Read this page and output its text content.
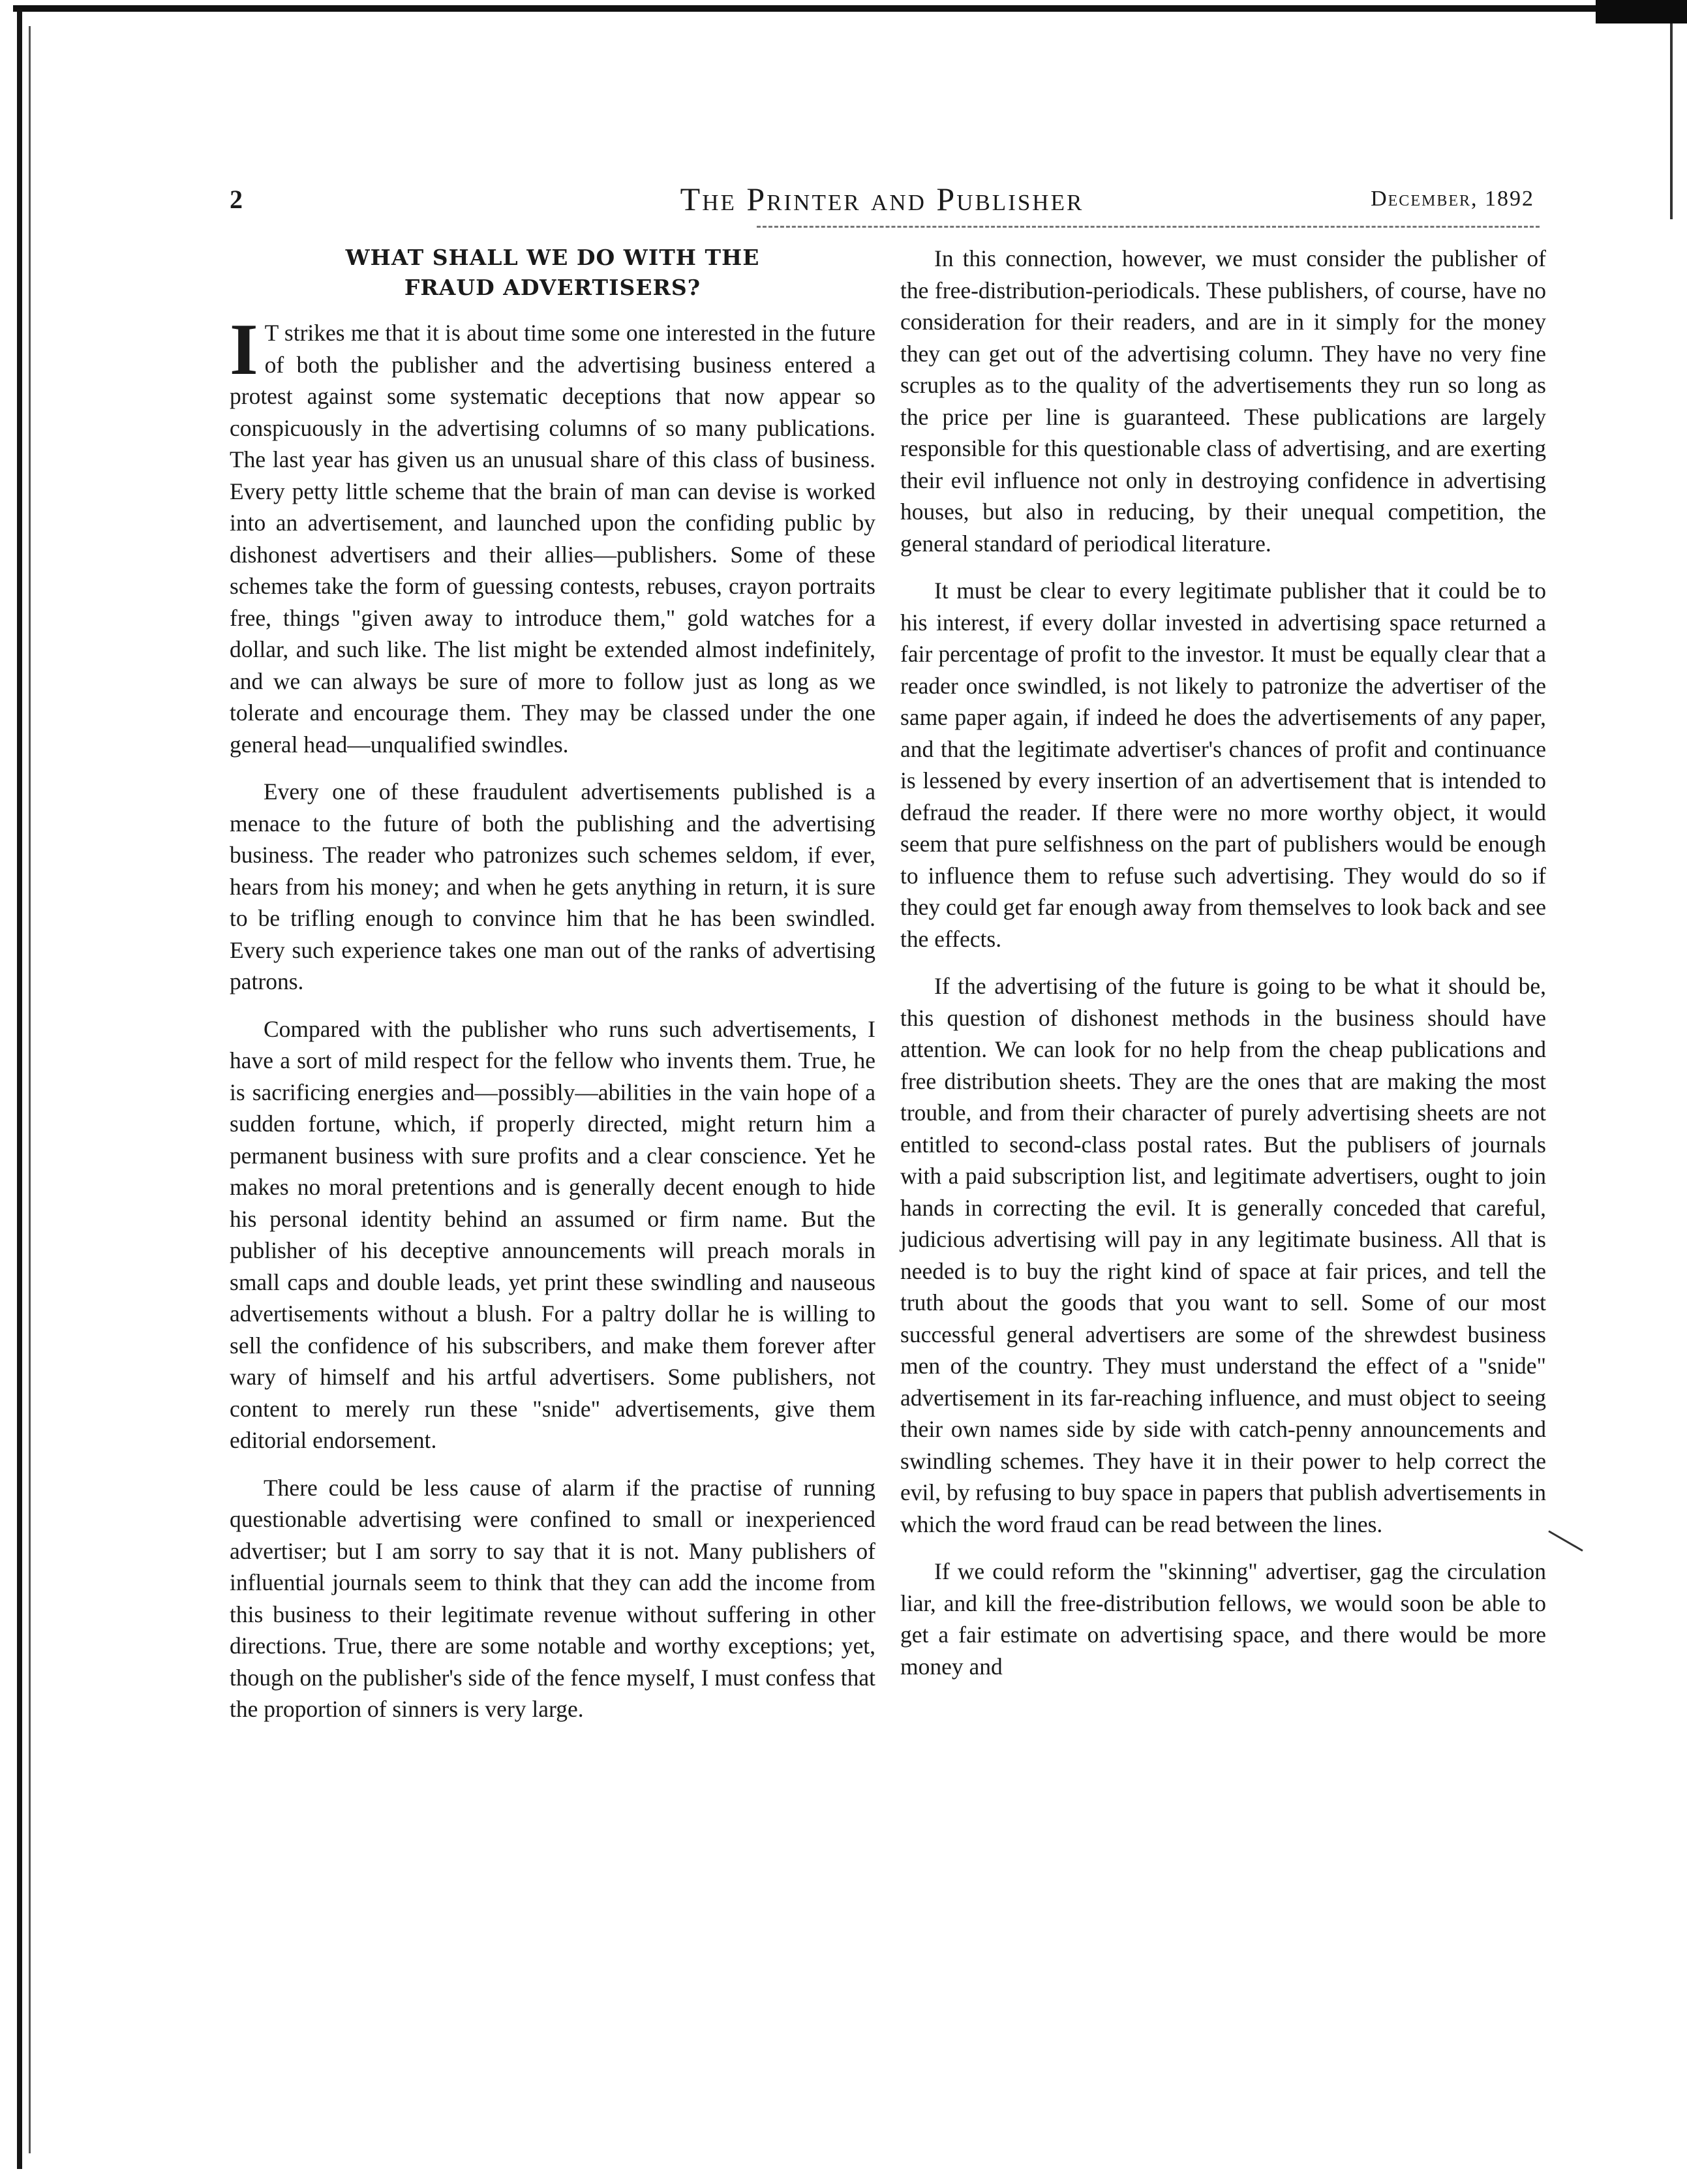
2	The Printer and Publisher	December, 1892
WHAT SHALL WE DO WITH THE
FRAUD ADVERTISERS?

I T strikes me that it is about time some one interested in the future of both the publisher and the advertising business entered a protest against some systematic deceptions that now appear so conspicuously in the advertising columns of so many publications. The last year has given us an unusual share of this class of business. Every petty little scheme that the brain of man can devise is worked into an advertisement, and launched upon the confiding public by dishonest advertisers and their allies—publishers. Some of these schemes take the form of guessing contests, rebuses, crayon portraits free, things "given away to introduce them," gold watches for a dollar, and such like. The list might be extended almost indefinitely, and we can always be sure of more to follow just as long as we tolerate and encourage them. They may be classed under the one general head—unqualified swindles.

Every one of these fraudulent advertisements published is a menace to the future of both the publishing and the advertising business. The reader who patronizes such schemes seldom, if ever, hears from his money; and when he gets anything in return, it is sure to be trifling enough to convince him that he has been swindled. Every such experience takes one man out of the ranks of advertising patrons.

Compared with the publisher who runs such advertisements, I have a sort of mild respect for the fellow who invents them. True, he is sacrificing energies and—possibly—abilities in the vain hope of a sudden fortune, which, if properly directed, might return him a permanent business with sure profits and a clear conscience. Yet he makes no moral pretentions and is generally decent enough to hide his personal identity behind an assumed or firm name. But the publisher of his deceptive announcements will preach morals in small caps and double leads, yet print these swindling and nauseous advertisements without a blush. For a paltry dollar he is willing to sell the confidence of his subscribers, and make them forever after wary of himself and his artful advertisers. Some publishers, not content to merely run these "snide" advertisements, give them editorial endorsement.

There could be less cause of alarm if the practise of running questionable advertising were confined to small or inexperienced advertiser; but I am sorry to say that it is not. Many publishers of influential journals seem to think that they can add the income from this business to their legitimate revenue without suffering in other directions. True, there are some notable and worthy exceptions; yet, though on the publisher's side of the fence myself, I must confess that the proportion of sinners is very large.

In this connection, however, we must consider the publisher of the free-distribution-periodicals. These publishers, of course, have no consideration for their readers, and are in it simply for the money they can get out of the advertising column. They have no very fine scruples as to the quality of the advertisements they run so long as the price per line is guaranteed. These publications are largely responsible for this questionable class of advertising, and are exerting their evil influence not only in destroying confidence in advertising houses, but also in reducing, by their unequal competition, the general standard of periodical literature.

It must be clear to every legitimate publisher that it could be to his interest, if every dollar invested in advertising space returned a fair percentage of profit to the investor. It must be equally clear that a reader once swindled, is not likely to patronize the advertiser of the same paper again, if indeed he does the advertisements of any paper, and that the legitimate advertiser's chances of profit and continuance is lessened by every insertion of an advertisement that is intended to defraud the reader. If there were no more worthy object, it would seem that pure selfishness on the part of publishers would be enough to influence them to refuse such advertising. They would do so if they could get far enough away from themselves to look back and see the effects.

If the advertising of the future is going to be what it should be, this question of dishonest methods in the business should have attention. We can look for no help from the cheap publications and free distribution sheets. They are the ones that are making the most trouble, and from their character of purely advertising sheets are not entitled to second-class postal rates. But the publisers of journals with a paid subscription list, and legitimate advertisers, ought to join hands in correcting the evil. It is generally conceded that careful, judicious advertising will pay in any legitimate business. All that is needed is to buy the right kind of space at fair prices, and tell the truth about the goods that you want to sell. Some of our most successful general advertisers are some of the shrewdest business men of the country. They must understand the effect of a "snide" advertisement in its far-reaching influence, and must object to seeing their own names side by side with catch-penny announcements and swindling schemes. They have it in their power to help correct the evil, by refusing to buy space in papers that publish advertisements in which the word fraud can be read between the lines.

If we could reform the "skinning" advertiser, gag the circulation liar, and kill the free-distribution fellows, we would soon be able to get a fair estimate on advertising space, and there would be more money and
